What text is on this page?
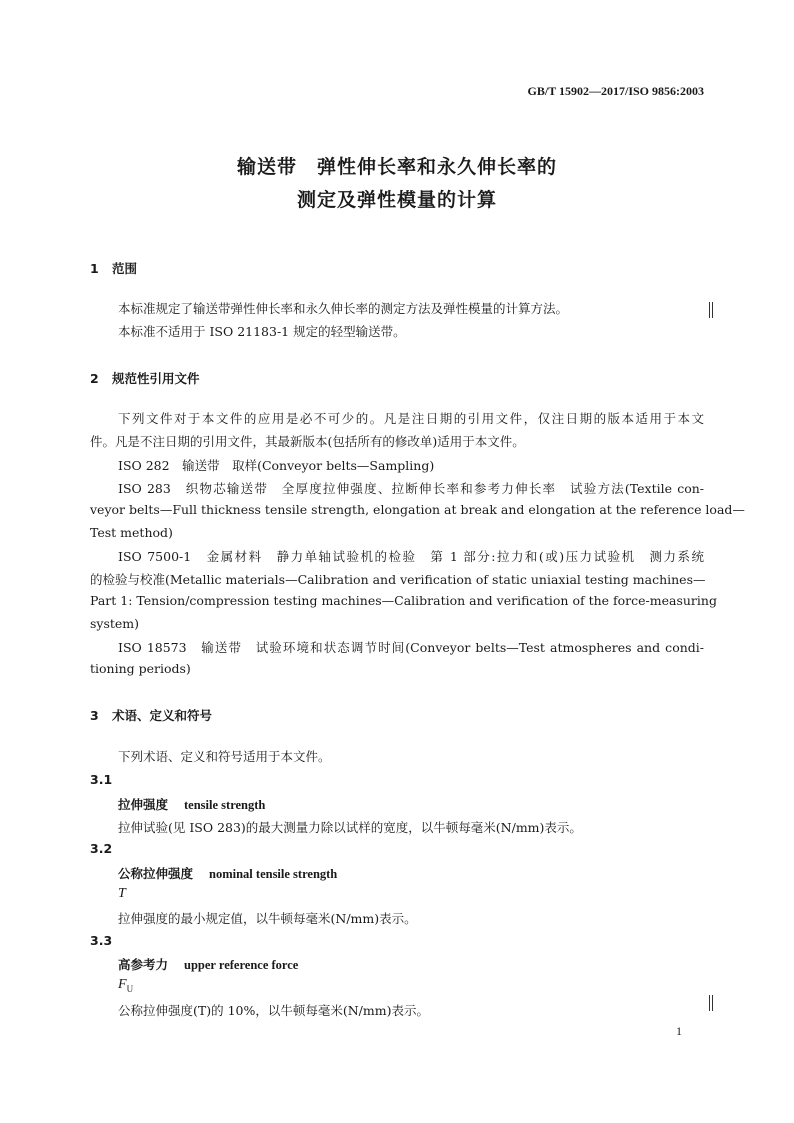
GB/T 15902—2017/ISO 9856:2003
输送带　弹性伸长率和永久伸长率的
测定及弹性模量的计算
1 范围
本标准规定了输送带弹性伸长率和永久伸长率的测定方法及弹性模量的计算方法。
本标准不适用于 ISO 21183-1 规定的轻型输送带。
2 规范性引用文件
下列文件对于本文件的应用是必不可少的。凡是注日期的引用文件，仅注日期的版本适用于本文
件。凡是不注日期的引用文件，其最新版本(包括所有的修改单)适用于本文件。
ISO 282　输送带　取样(Conveyor belts—Sampling)
ISO 283　织物芯输送带　全厚度拉伸强度、拉断伸长率和参考力伸长率　试验方法(Textile con-
veyor belts—Full thickness tensile strength, elongation at break and elongation at the reference load—
Test method)
ISO 7500-1　金属材料　静力单轴试验机的检验　第 1 部分:拉力和(或)压力试验机　测力系统
的检验与校准(Metallic materials—Calibration and verification of static uniaxial testing machines—
Part 1: Tension/compression testing machines—Calibration and verification of the force-measuring
system)
ISO 18573　输送带　试验环境和状态调节时间(Conveyor belts—Test atmospheres and condi-
tioning periods)
3 术语、定义和符号
下列术语、定义和符号适用于本文件。
3.1
拉伸强度 tensile strength
拉伸试验(见 ISO 283)的最大测量力除以试样的宽度，以牛顿每毫米(N/mm)表示。
3.2
公称拉伸强度 nominal tensile strength
T
拉伸强度的最小规定值，以牛顿每毫米(N/mm)表示。
3.3
高参考力 upper reference force
$F_U$
公称拉伸强度(T)的 10%，以牛顿每毫米(N/mm)表示。
1
